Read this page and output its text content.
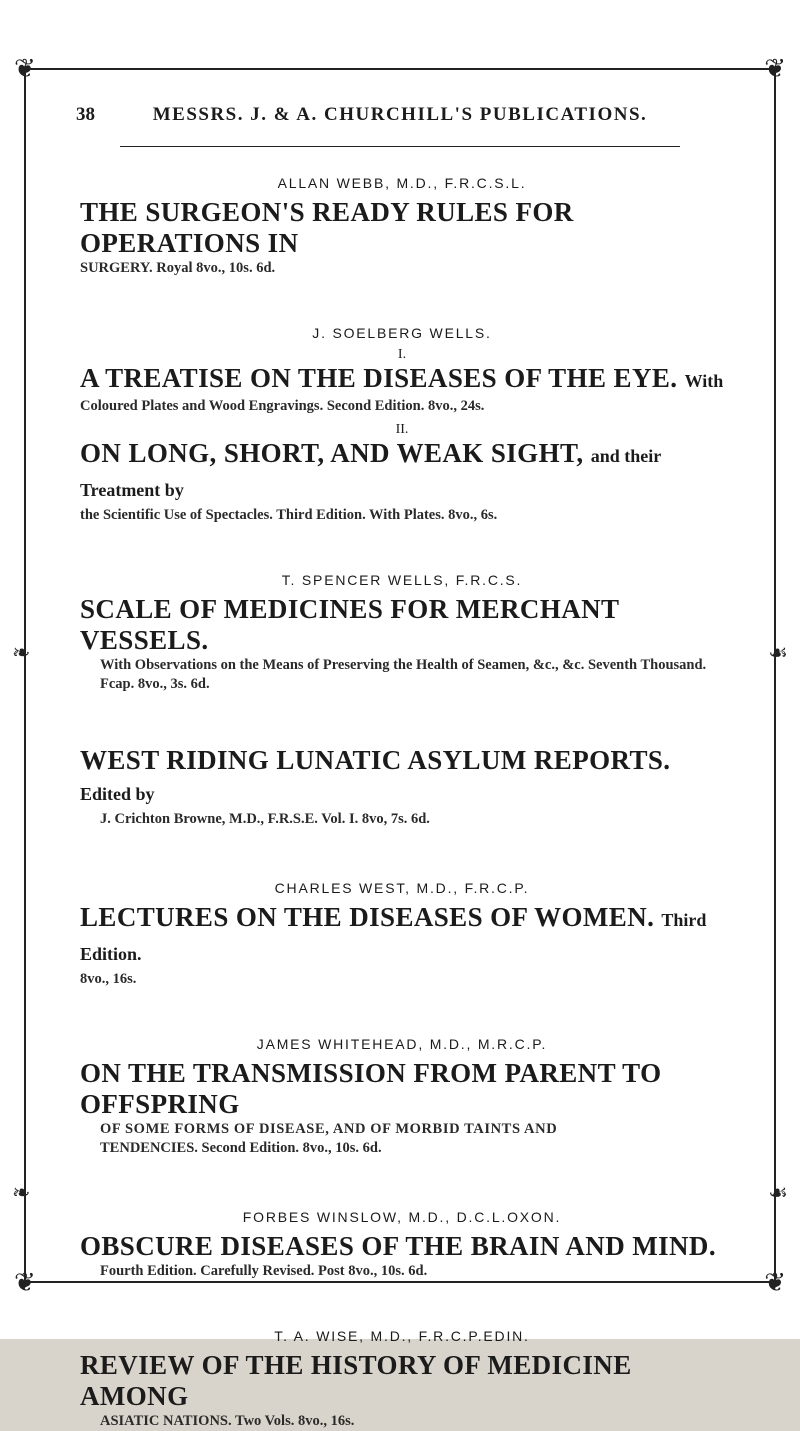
❦	❦
❦	❦
❧	☙
❧	☙
38	MESSRS. J. & A. CHURCHILL'S PUBLICATIONS.

ALLAN WEBB, M.D., F.R.C.S.L.

THE SURGEON'S READY RULES FOR OPERATIONS IN

SURGERY. Royal 8vo., 10s. 6d.

J. SOELBERG WELLS.

I.

A TREATISE ON THE DISEASES OF THE EYE. With

Coloured Plates and Wood Engravings. Second Edition. 8vo., 24s.

II.

ON LONG, SHORT, AND WEAK SIGHT, and their Treatment by

the Scientific Use of Spectacles. Third Edition. With Plates. 8vo., 6s.

T. SPENCER WELLS, F.R.C.S.

SCALE OF MEDICINES FOR MERCHANT VESSELS.

With Observations on the Means of Preserving the Health of Seamen, &c., &c. Seventh Thousand. Fcap. 8vo., 3s. 6d.

WEST RIDING LUNATIC ASYLUM REPORTS. Edited by

J. Crichton Browne, M.D., F.R.S.E. Vol. I. 8vo, 7s. 6d.

CHARLES WEST, M.D., F.R.C.P.

LECTURES ON THE DISEASES OF WOMEN. Third Edition.

8vo., 16s.

JAMES WHITEHEAD, M.D., M.R.C.P.

ON THE TRANSMISSION FROM PARENT TO OFFSPRING

OF SOME FORMS OF DISEASE, AND OF MORBID TAINTS AND

TENDENCIES. Second Edition. 8vo., 10s. 6d.

FORBES WINSLOW, M.D., D.C.L.OXON.

OBSCURE DISEASES OF THE BRAIN AND MIND.

Fourth Edition. Carefully Revised. Post 8vo., 10s. 6d.

T. A. WISE, M.D., F.R.C.P.EDIN.

REVIEW OF THE HISTORY OF MEDICINE AMONG

ASIATIC NATIONS. Two Vols. 8vo., 16s.
